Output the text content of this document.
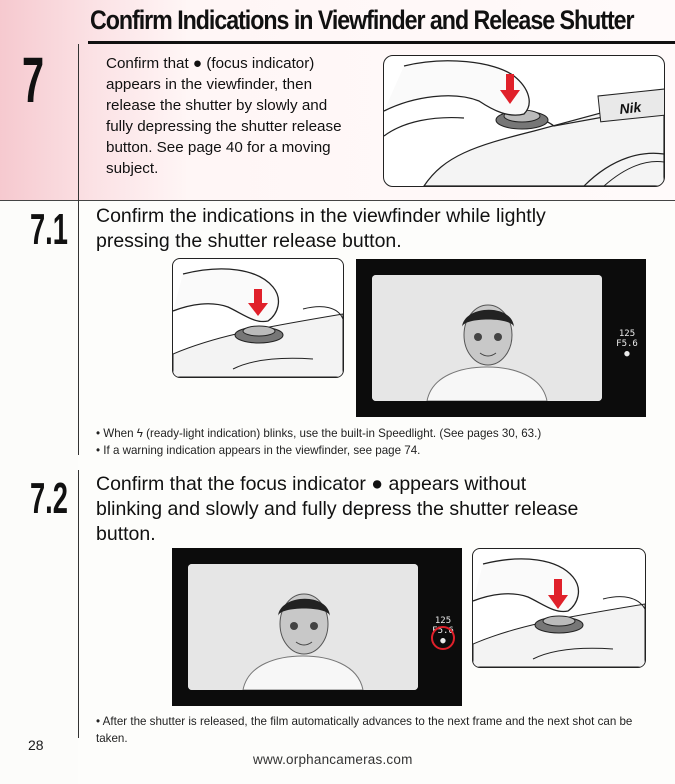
Confirm Indications in Viewfinder and Release Shutter
7	Confirm that ● (focus indicator)
appears in the viewfinder, then
release the shutter by slowly and
fully depressing the shutter release
button. See page 40 for a moving
subject.
Nik
7.1 Confirm the indications in the viewfinder while lightly
pressing the shutter release button.
125
F5.6
●
• When ϟ (ready-light indication) blinks, use the built-in Speedlight. (See pages 30, 63.)
• If a warning indication appears in the viewfinder, see page 74.
7.2 Confirm that the focus indicator ● appears without
blinking and slowly and fully depress the shutter release
button.
125
F5.6
●
• After the shutter is released, the film automatically advances to the next frame and the next shot can be taken.
28
www.orphancameras.com
